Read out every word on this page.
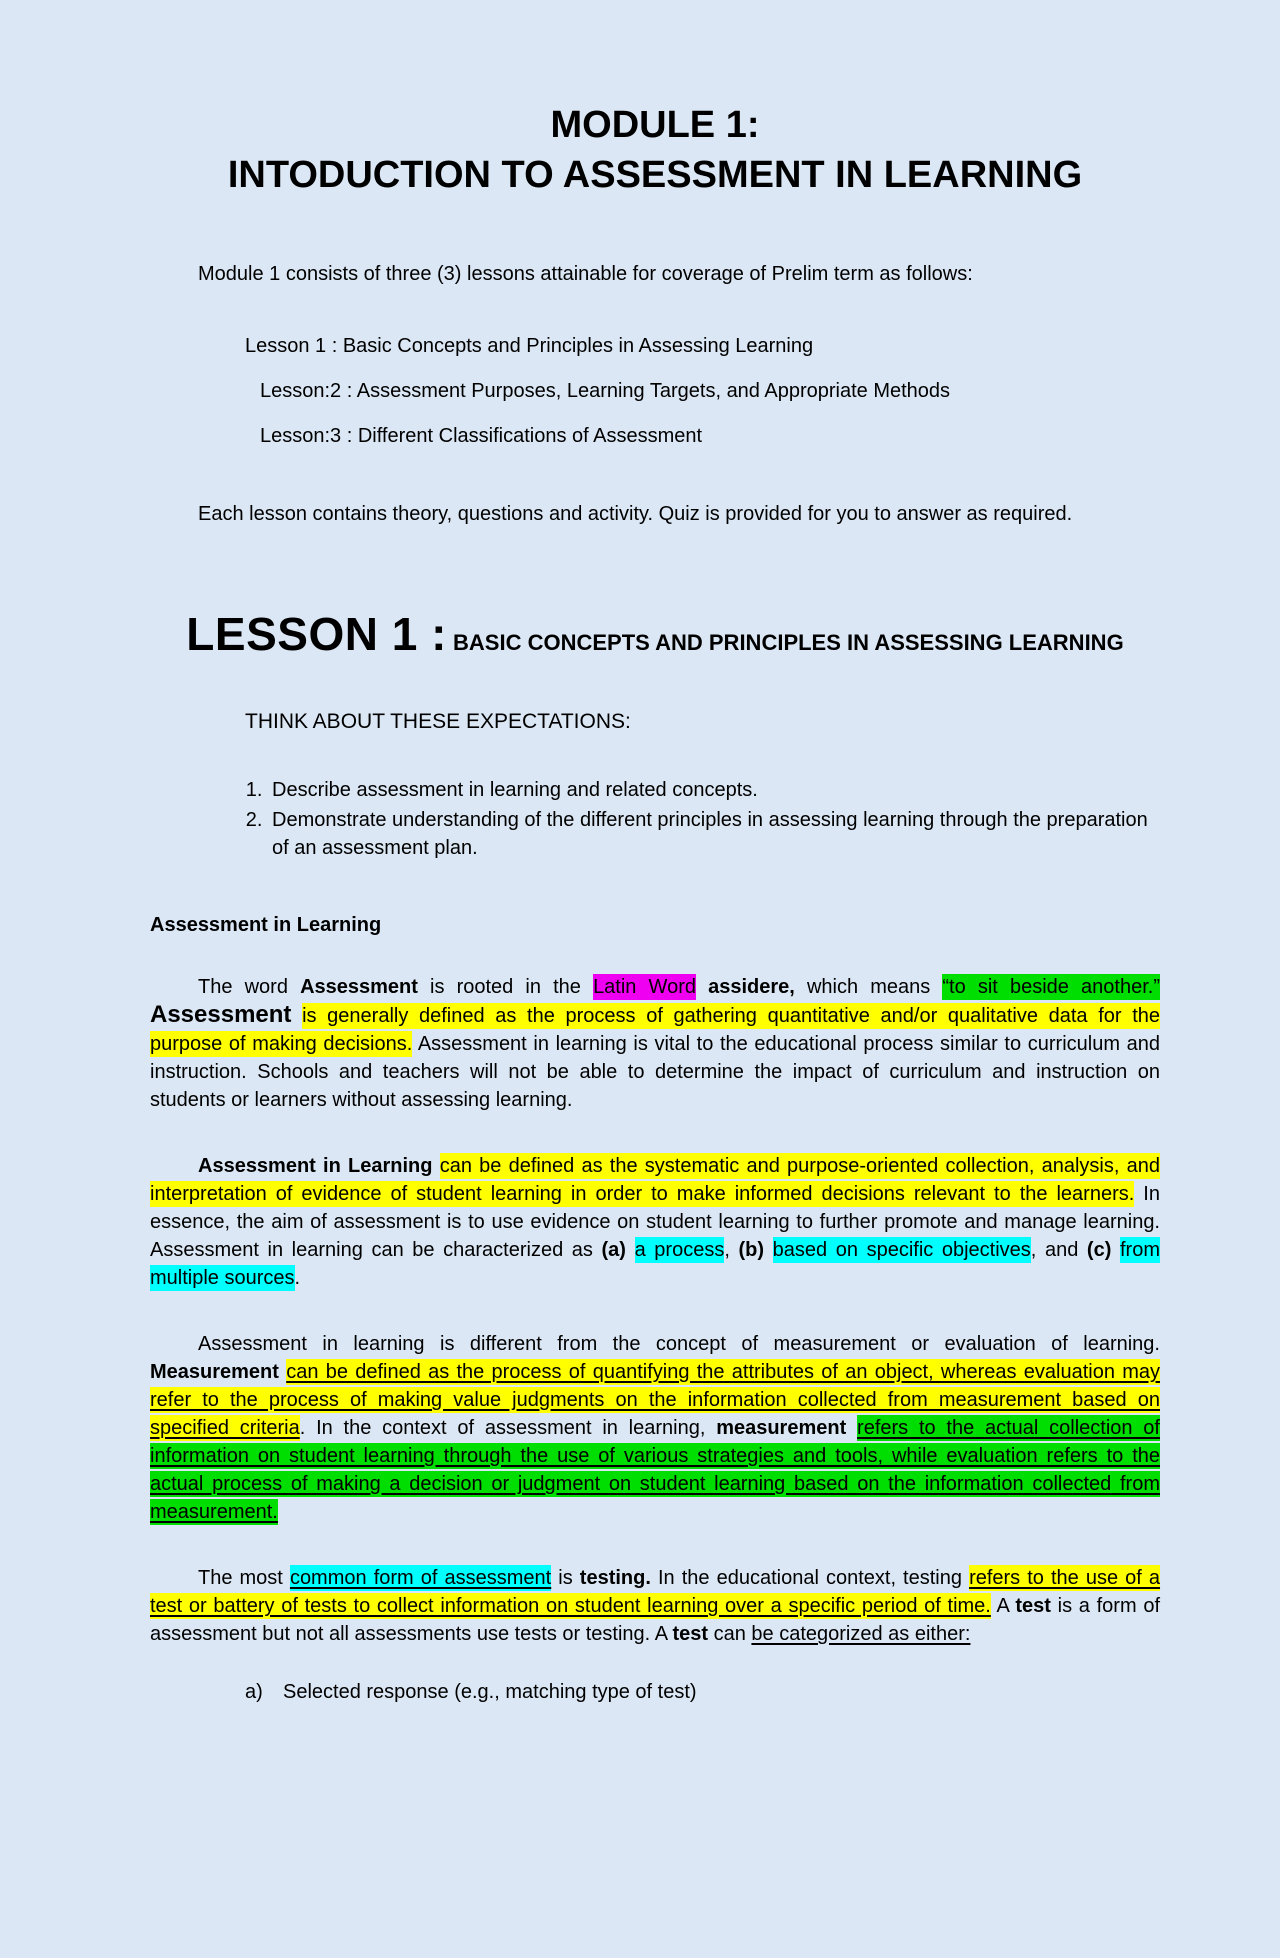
MODULE 1:
INTODUCTION TO ASSESSMENT IN LEARNING

Module 1 consists of three (3) lessons attainable for coverage of Prelim term as follows:

Lesson 1 : Basic Concepts and Principles in Assessing Learning
Lesson:2 : Assessment Purposes, Learning Targets, and Appropriate Methods
Lesson:3 : Different Classifications of Assessment

Each lesson contains theory, questions and activity. Quiz is provided for you to answer as required.

LESSON 1 : BASIC CONCEPTS AND PRINCIPLES IN ASSESSING LEARNING

THINK ABOUT THESE EXPECTATIONS:

1. Describe assessment in learning and related concepts.
2. Demonstrate understanding of the different principles in assessing learning through the preparation of an assessment plan.
Assessment in Learning

The word Assessment is rooted in the Latin Word assidere, which means “to sit beside another.” Assessment is generally defined as the process of gathering quantitative and/or qualitative data for the purpose of making decisions. Assessment in learning is vital to the educational process similar to curriculum and instruction. Schools and teachers will not be able to determine the impact of curriculum and instruction on students or learners without assessing learning.

Assessment in Learning can be defined as the systematic and purpose-oriented collection, analysis, and interpretation of evidence of student learning in order to make informed decisions relevant to the learners. In essence, the aim of assessment is to use evidence on student learning to further promote and manage learning. Assessment in learning can be characterized as (a) a process, (b) based on specific objectives, and (c) from multiple sources.

Assessment in learning is different from the concept of measurement or evaluation of learning. Measurement can be defined as the process of quantifying the attributes of an object, whereas evaluation may refer to the process of making value judgments on the information collected from measurement based on specified criteria. In the context of assessment in learning, measurement refers to the actual collection of information on student learning through the use of various strategies and tools, while evaluation refers to the actual process of making a decision or judgment on student learning based on the information collected from measurement.

The most common form of assessment is testing. In the educational context, testing refers to the use of a test or battery of tests to collect information on student learning over a specific period of time. A test is a form of assessment but not all assessments use tests or testing. A test can be categorized as either:

a) Selected response (e.g., matching type of test)
